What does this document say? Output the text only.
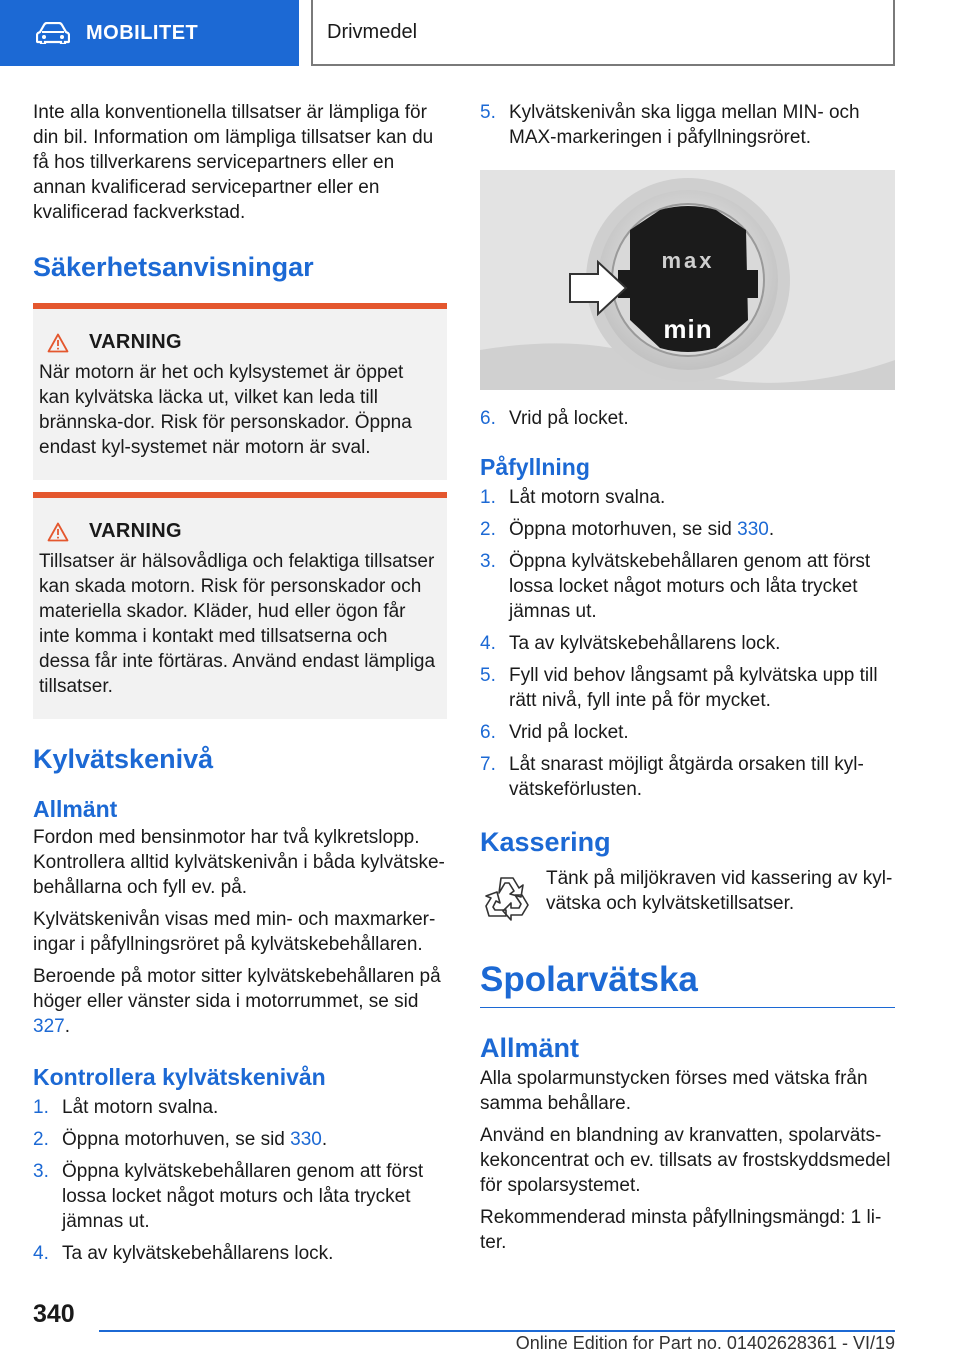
MOBILITET	Drivmedel

Inte alla konventionella tillsatser är lämpliga för din bil. Information om lämpliga tillsatser kan du få hos tillverkarens servicepartners eller en annan kvalificerad servicepartner eller en kvalificerad fackverkstad.

Säkerhetsanvisningar
VARNING

När motorn är het och kylsystemet är öppet kan kylvätska läcka ut, vilket kan leda till brännska‐dor. Risk för personskador. Öppna endast kyl‐systemet när motorn är sval.

VARNING

Tillsatser är hälsovådliga och felaktiga tillsatser kan skada motorn. Risk för personskador och materiella skador. Kläder, hud eller ögon får inte komma i kontakt med tillsatserna och dessa får inte förtäras. Använd endast lämpliga tillsatser.

Kylvätskenivå
Allmänt

Fordon med bensinmotor har två kylkretslopp. Kontrollera alltid kylvätskenivån i båda kylvätske‐behållarna och fyll ev. på.

Kylvätskenivån visas med min- och maxmarker‐ingar i påfyllningsröret på kylvätskebehållaren.

Beroende på motor sitter kylvätskebehållaren på höger eller vänster sida i motorrummet, se sid 327.

Kontrollera kylvätskenivån
1. Låt motorn svalna.
2. Öppna motorhuven, se sid 330.
3. Öppna kylvätskebehållaren genom att först lossa locket något moturs och låta trycket jämnas ut.
4. Ta av kylvätskebehållarens lock.
5. Kylvätskenivån ska ligga mellan MIN- och MAX-markeringen i påfyllningsröret.
max
min
6. Vrid på locket.
Påfyllning
1. Låt motorn svalna.
2. Öppna motorhuven, se sid 330.
3. Öppna kylvätskebehållaren genom att först lossa locket något moturs och låta trycket jämnas ut.
4. Ta av kylvätskebehållarens lock.
5. Fyll vid behov långsamt på kylvätska upp till rätt nivå, fyll inte på för mycket.
6. Vrid på locket.
7. Låt snarast möjligt åtgärda orsaken till kyl‐vätskeförlusten.
Kassering

Tänk på miljökraven vid kassering av kyl‐vätska och kylvätsketillsatser.

Spolarvätska
Allmänt

Alla spolarmunstycken förses med vätska från samma behållare.

Använd en blandning av kranvatten, spolarväts‐kekoncentrat och ev. tillsats av frostskyddsmedel för spolarsystemet.

Rekommenderad minsta påfyllningsmängd: 1 li‐ter.

340
Online Edition for Part no. 01402628361 - VI/19
